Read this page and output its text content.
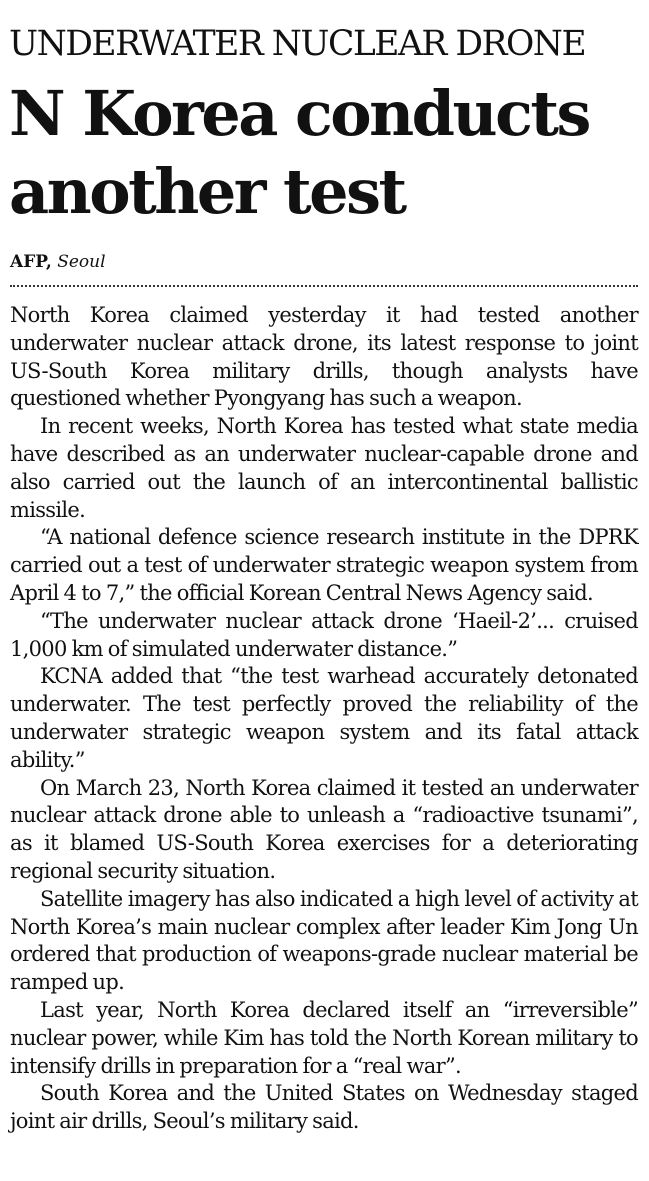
UNDERWATER NUCLEAR DRONE
N Korea conducts another test
AFP, Seoul

North Korea claimed yesterday it had tested another underwater nuclear attack drone, its latest response to joint US-South Korea military drills, though analysts have questioned whether Pyongyang has such a weapon.

In recent weeks, North Korea has tested what state media have described as an underwater nuclear-capable drone and also carried out the launch of an intercontinental ballistic missile.

“A national defence science research institute in the DPRK carried out a test of underwater strategic weapon system from April 4 to 7,” the official Korean Central News Agency said.

“The underwater nuclear attack drone ‘Haeil-2’... cruised 1,000 km of simulated underwater distance.”

KCNA added that “the test warhead accurately detonated underwater. The test perfectly proved the reliability of the underwater strategic weapon system and its fatal attack ability.”

On March 23, North Korea claimed it tested an underwater nuclear attack drone able to unleash a “radioactive tsunami”, as it blamed US-South Korea exercises for a deteriorating regional security situation.

Satellite imagery has also indicated a high level of activity at North Korea’s main nuclear complex after leader Kim Jong Un ordered that production of weapons-grade nuclear material be ramped up.

Last year, North Korea declared itself an “irreversible” nuclear power, while Kim has told the North Korean military to intensify drills in preparation for a “real war”.

South Korea and the United States on Wednesday staged joint air drills, Seoul’s military said.
